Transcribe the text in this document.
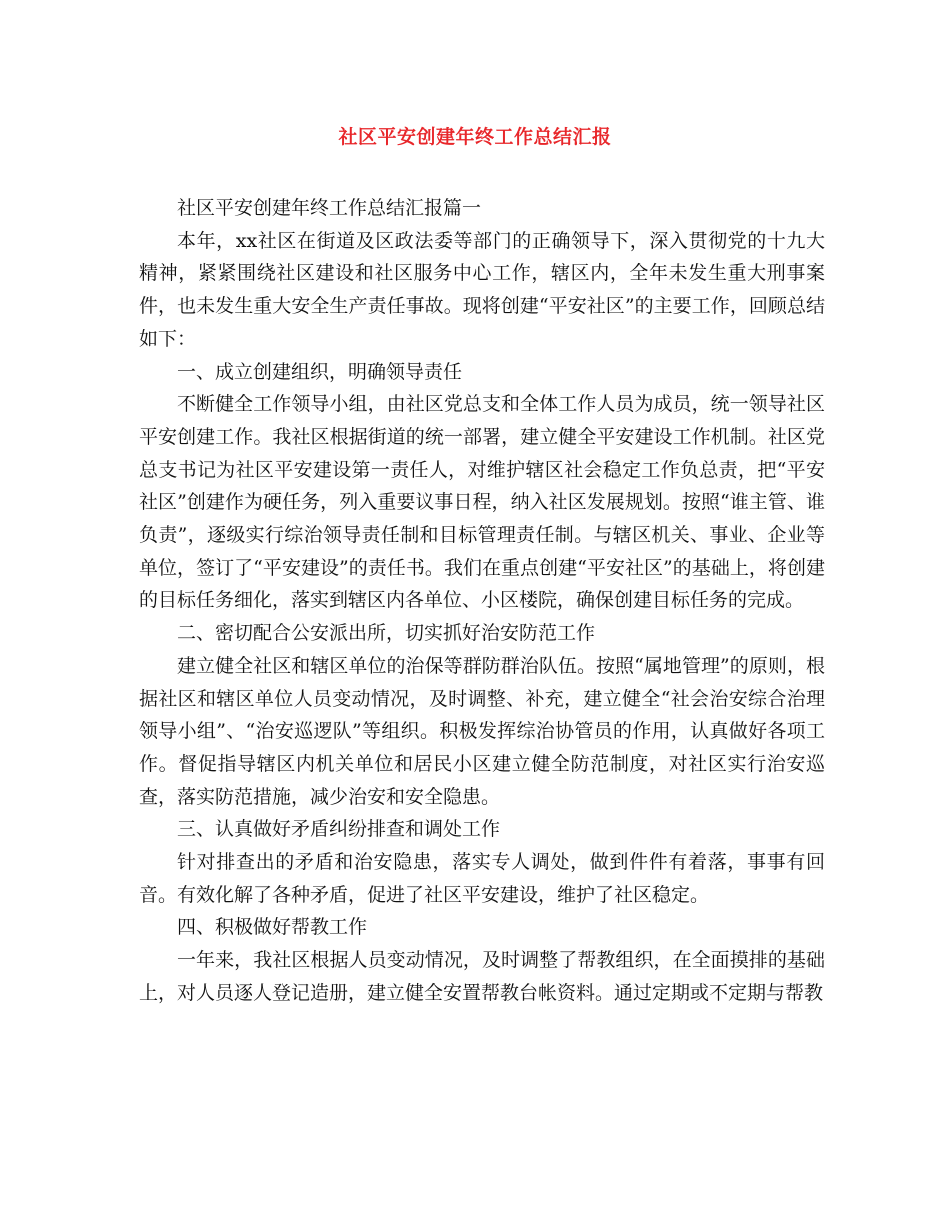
社区平安创建年终工作总结汇报

社区平安创建年终工作总结汇报篇一

本年，xx社区在街道及区政法委等部门的正确领导下，深入贯彻党的十九大精神，紧紧围绕社区建设和社区服务中心工作，辖区内，全年未发生重大刑事案件，也未发生重大安全生产责任事故。现将创建“平安社区”的主要工作，回顾总结如下：

一、成立创建组织，明确领导责任

不断健全工作领导小组，由社区党总支和全体工作人员为成员，统一领导社区平安创建工作。我社区根据街道的统一部署，建立健全平安建设工作机制。社区党总支书记为社区平安建设第一责任人，对维护辖区社会稳定工作负总责，把“平安社区”创建作为硬任务，列入重要议事日程，纳入社区发展规划。按照“谁主管、谁负责”，逐级实行综治领导责任制和目标管理责任制。与辖区机关、事业、企业等单位，签订了“平安建设”的责任书。我们在重点创建“平安社区”的基础上，将创建的目标任务细化，落实到辖区内各单位、小区楼院，确保创建目标任务的完成。

二、密切配合公安派出所，切实抓好治安防范工作

建立健全社区和辖区单位的治保等群防群治队伍。按照“属地管理”的原则，根据社区和辖区单位人员变动情况，及时调整、补充，建立健全“社会治安综合治理领导小组”、“治安巡逻队”等组织。积极发挥综治协管员的作用，认真做好各项工作。督促指导辖区内机关单位和居民小区建立健全防范制度，对社区实行治安巡查，落实防范措施，减少治安和安全隐患。

三、认真做好矛盾纠纷排查和调处工作

针对排查出的矛盾和治安隐患，落实专人调处，做到件件有着落，事事有回音。有效化解了各种矛盾，促进了社区平安建设，维护了社区稳定。

四、积极做好帮教工作

一年来，我社区根据人员变动情况，及时调整了帮教组织，在全面摸排的基础上，对人员逐人登记造册，建立健全安置帮教台帐资料。通过定期或不定期与帮教
